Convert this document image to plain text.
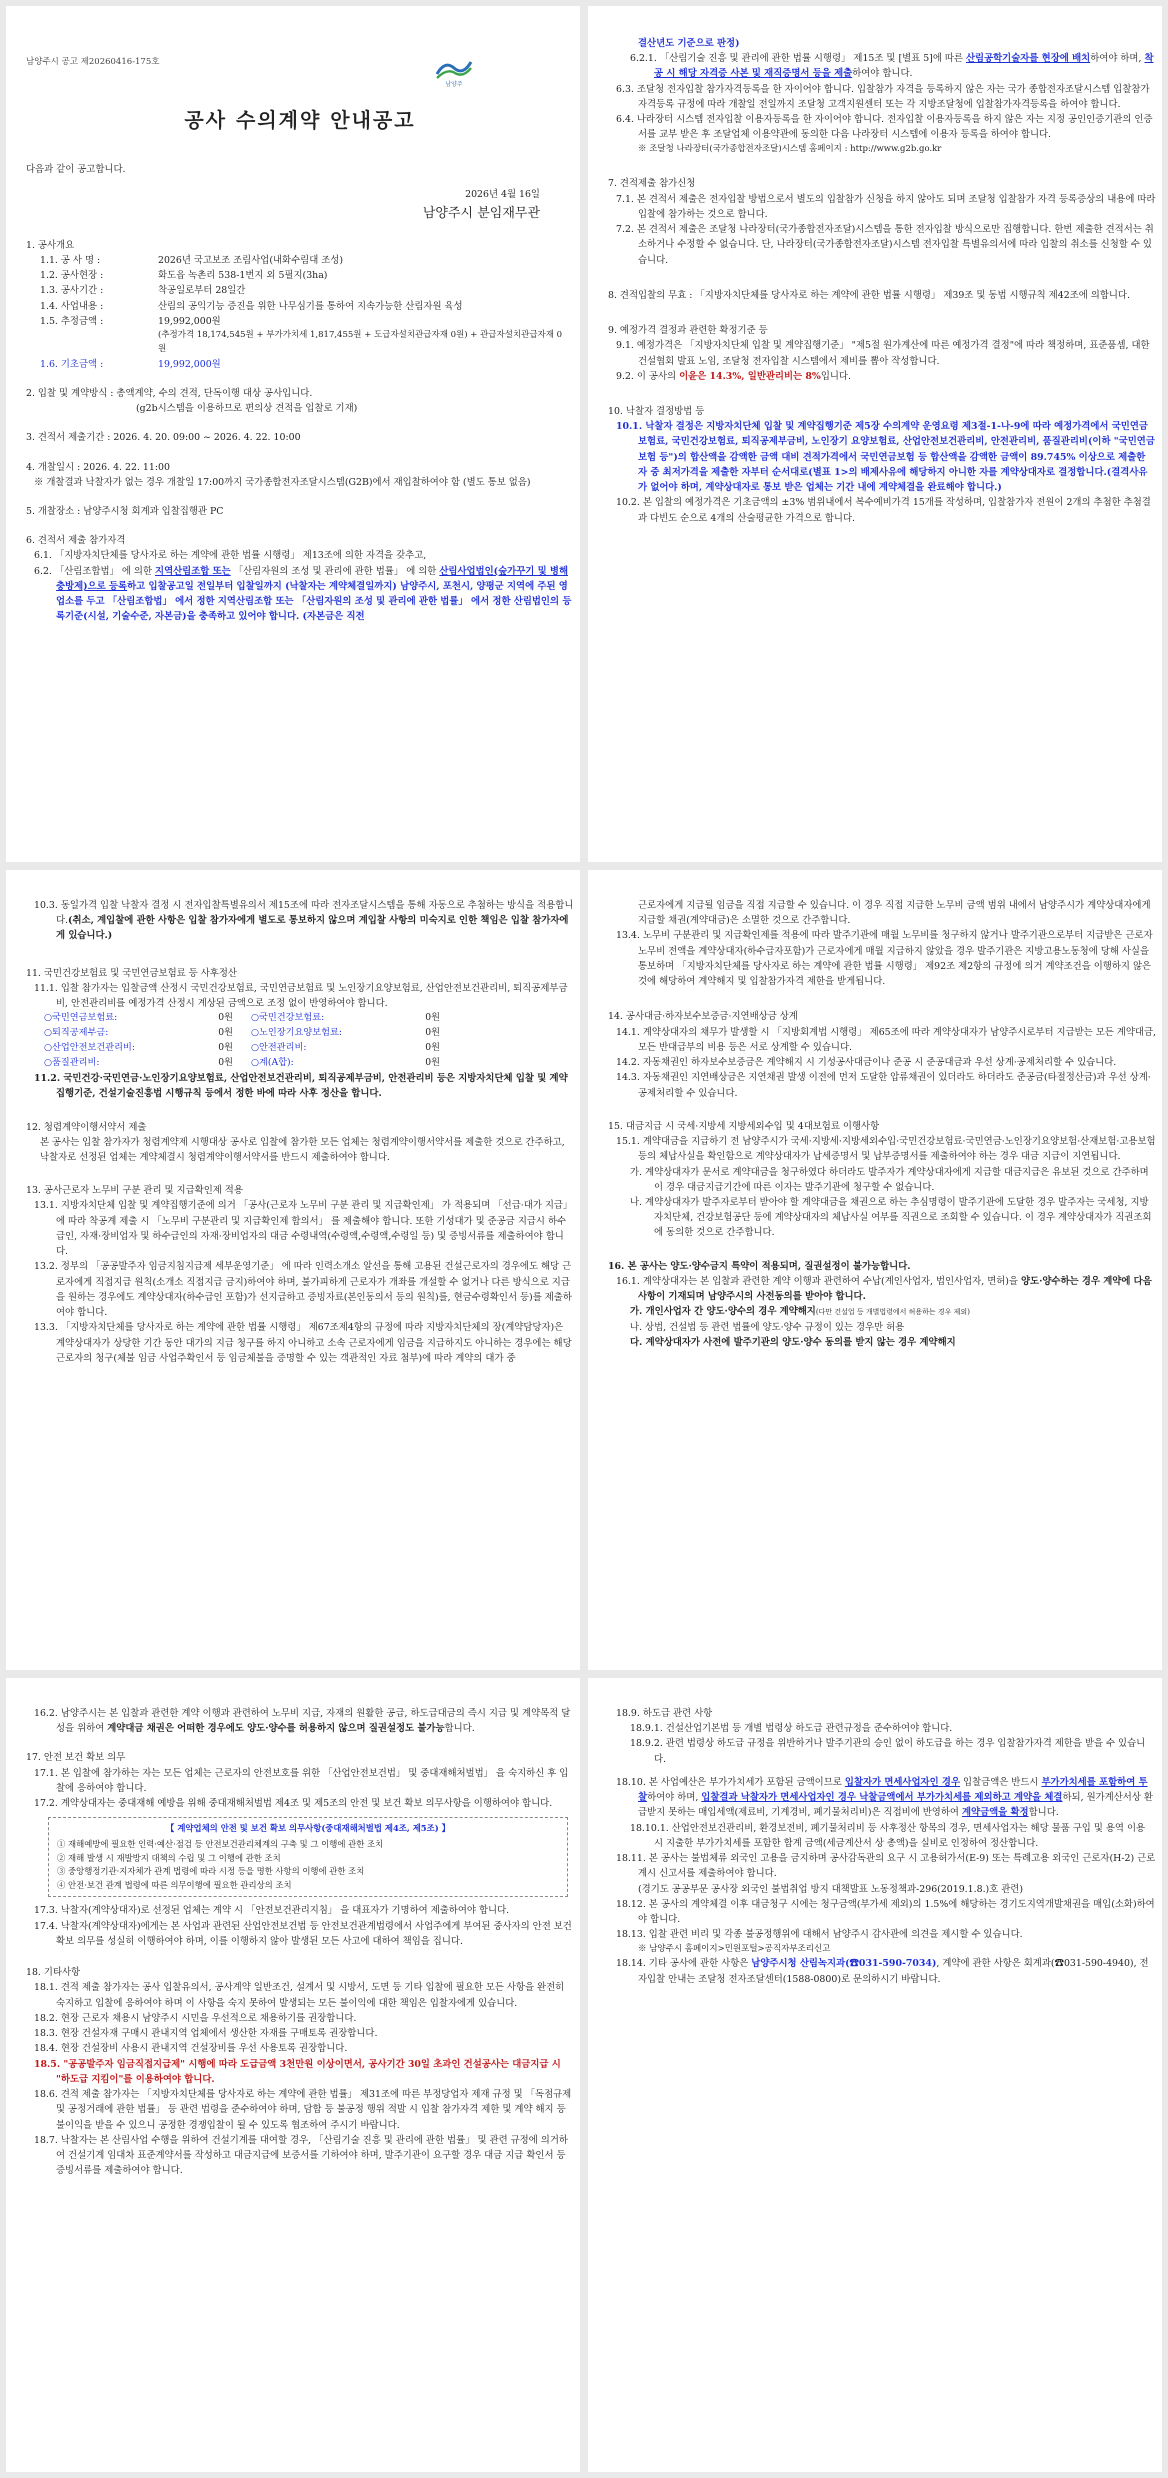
남양주시 공고 제20260416-175호
남양주
공사 수의계약 안내공고

다음과 같이 공고합니다.

2026년 4월 16일
남양주시 분임재무관

1. 공사개요

1.1. 공 사 명 :	2026년 국고보조 조림사업(내화수림대 조성)
1.2. 공사현장 :	화도읍 녹촌리 538-1번지 외 5필지(3ha)
1.3. 공사기간 :	착공일로부터 28일간
1.4. 사업내용 :	산림의 공익기능 증진을 위한 나무심기를 통하여 지속가능한 산림자원 육성
1.5. 추정금액 :	19,992,000원
	(추정가격 18,174,545원 + 부가가치세 1,817,455원 + 도급자설치관급자재 0원) + 관급자설치관급자재 0원
1.6. 기초금액 :	19,992,000원

2. 입찰 및 계약방식 : 총액계약, 수의 견적, 단독이행 대상 공사입니다.

(g2b시스템을 이용하므로 편의상 견적을 입찰로 기재)

3. 견적서 제출기간 : 2026. 4. 20. 09:00 ~ 2026. 4. 22. 10:00

4. 개찰일시 : 2026. 4. 22. 11:00

※ 개찰결과 낙찰자가 없는 경우 개찰일 17:00까지 국가종합전자조달시스템(G2B)에서 재입찰하여야 함 (별도 통보 없음)

5. 개찰장소 : 남양주시청 회계과 입찰집행관 PC

6. 견적서 제출 참가자격

6.1. 「지방자치단체를 당사자로 하는 계약에 관한 법률 시행령」 제13조에 의한 자격을 갖추고,

6.2. 「산림조합법」 에 의한 지역산림조합 또는 「산림자원의 조성 및 관리에 관한 법률」 에 의한 산림사업법인(숲가꾸기 및 병해충방제)으로 등록하고 입찰공고일 전일부터 입찰일까지 (낙찰자는 계약체결일까지) 남양주시, 포천시, 양평군 지역에 주된 영업소를 두고 「산림조합법」 에서 정한 지역산림조합 또는 「산림자원의 조성 및 관리에 관한 법률」 에서 정한 산림법인의 등록기준(시설, 기술수준, 자본금)을 충족하고 있어야 합니다. (자본금은 직전

결산년도 기준으로 판정)

6.2.1. 「산림기술 진흥 및 관리에 관한 법률 시행령」 제15조 및 [별표 5]에 따른 산림공학기술자를 현장에 배치하여야 하며, 착공 시 해당 자격증 사본 및 재직증명서 등을 제출하여야 합니다.

6.3. 조달청 전자입찰 참가자격등록을 한 자이어야 합니다. 입찰참가 자격을 등록하지 않은 자는 국가 종합전자조달시스템 입찰참가 자격등록 규정에 따라 개찰일 전일까지 조달청 고객지원센터 또는 각 지방조달청에 입찰참가자격등록을 하여야 합니다.

6.4. 나라장터 시스템 전자입찰 이용자등록을 한 자이어야 합니다. 전자입찰 이용자등록을 하지 않은 자는 지정 공인인증기관의 인증서를 교부 받은 후 조달업체 이용약관에 동의한 다음 나라장터 시스템에 이용자 등록을 하여야 합니다.

※ 조달청 나라장터(국가종합전자조달)시스템 홈페이지 : http://www.g2b.go.kr

7. 견적제출 참가신청

7.1. 본 견적서 제출은 전자입찰 방법으로서 별도의 입찰참가 신청을 하지 않아도 되며 조달청 입찰참가 자격 등록증상의 내용에 따라 입찰에 참가하는 것으로 합니다.

7.2. 본 견적서 제출은 조달청 나라장터(국가종합전자조달)시스템을 통한 전자입찰 방식으로만 집행합니다. 한번 제출한 견적서는 취소하거나 수정할 수 없습니다. 단, 나라장터(국가종합전자조달)시스템 전자입찰 특별유의서에 따라 입찰의 취소를 신청할 수 있습니다.

8. 견적입찰의 무효 : 「지방자치단체를 당사자로 하는 계약에 관한 법률 시행령」 제39조 및 동법 시행규칙 제42조에 의합니다.

9. 예정가격 결정과 관련한 확정기준 등

9.1. 예정가격은 「지방자치단체 입찰 및 계약집행기준」 "제5절 원가계산에 따른 예정가격 결정"에 따라 책정하며, 표준품셈, 대한건설협회 발표 노임, 조달청 전자입찰 시스템에서 제비를 뽑아 작성합니다.

9.2. 이 공사의 이윤은 14.3%, 일반관리비는 8%입니다.

10. 낙찰자 결정방법 등

10.1. 낙찰자 결정은 지방자치단체 입찰 및 계약집행기준 제5장 수의계약 운영요령 제3절-1-나-9에 따라 예정가격에서 국민연금보험료, 국민건강보험료, 퇴직공제부금비, 노인장기 요양보험료, 산업안전보건관리비, 안전관리비, 품질관리비(이하 "국민연금보험 등")의 합산액을 감액한 금액 대비 견적가격에서 국민연금보험 등 합산액을 감액한 금액이 89.745% 이상으로 제출한 자 중 최저가격을 제출한 자부터 순서대로(별표 1>의 배제사유에 해당하지 아니한 자를 계약상대자로 결정합니다.(결격사유가 없어야 하며, 계약상대자로 통보 받은 업체는 기간 내에 계약체결을 완료해야 합니다.)

10.2. 본 입찰의 예정가격은 기초금액의 ±3% 범위내에서 복수예비가격 15개를 작성하며, 입찰참가자 전원이 2개의 추첨한 추첨결과 다빈도 순으로 4개의 산술평균한 가격으로 합니다.

10.3. 동일가격 입찰 낙찰자 결정 시 전자입찰특별유의서 제15조에 따라 전자조달시스템을 통해 자동으로 추첨하는 방식을 적용합니다.(취소, 계입찰에 관한 사항은 입찰 참가자에게 별도로 통보하지 않으며 계입찰 사항의 미숙지로 인한 책임은 입찰 참가자에게 있습니다.)

11. 국민건강보험료 및 국민연금보험료 등 사후정산

11.1. 입찰 참가자는 입찰금액 산정시 국민건강보험료, 국민연금보험료 및 노인장기요양보험료, 산업안전보건관리비, 퇴직공제부금비, 안전관리비를 예정가격 산정시 계상된 금액으로 조정 없이 반영하여야 합니다.

○국민연금보험료:	0원	○국민건강보험료:	0원
○퇴직공제부금:	0원	○노인장기요양보험료:	0원
○산업안전보건관리비:	0원	○안전관리비:	0원
○품질관리비:	0원	○계(A합):	0원

11.2. 국민건강·국민연금·노인장기요양보험료, 산업안전보건관리비, 퇴직공제부금비, 안전관리비 등은 지방자치단체 입찰 및 계약 집행기준, 건설기술진흥법 시행규칙 등에서 정한 바에 따라 사후 정산을 합니다.

12. 청렴계약이행서약서 제출

본 공사는 입찰 참가자가 청렴계약제 시행대상 공사로 입찰에 참가한 모든 업체는 청렴계약이행서약서를 제출한 것으로 간주하고, 낙찰자로 선정된 업체는 계약체결시 청렴계약이행서약서를 반드시 제출하여야 합니다.

13. 공사근로자 노무비 구분 관리 및 지급확인제 적용

13.1. 지방자치단체 입찰 및 계약집행기준에 의거 「공사(근로자 노무비 구분 관리 및 지급확인제」 가 적용되며 「선급·대가 지급」 에 따라 착공계 제출 시 「노무비 구분관리 및 지급확인제 합의서」 를 제출해야 합니다. 또한 기성대가 및 준공금 지급시 하수급인, 자재·장비업자 및 하수급인의 자재·장비업자의 대금 수령내역(수령액,수령액,수령일 등) 및 증빙서류를 제출하여야 합니다.

13.2. 정부의 「공공발주자 임금지침지급제 세부운영기준」 에 따라 인력소개소 알선을 통해 고용된 건설근로자의 경우에도 해당 근로자에게 직접지급 원칙(소개소 직접지급 금지)하여야 하며, 불가피하게 근로자가 개좌를 개설할 수 없거나 다른 방식으로 지급을 원하는 경우에도 계약상대자(하수급인 포함)가 선지급하고 증빙자료(본인동의서 등의 원칙)를, 현금수령확인서 등)를 제출하여야 합니다.

13.3. 「지방자치단체를 당사자로 하는 계약에 관한 법률 시행령」 제67조제4항의 규정에 따라 지방자치단체의 장(계약담당자)은 계약상대자가 상당한 기간 동안 대가의 지급 청구를 하지 아니하고 소속 근로자에게 임금을 지급하지도 아니하는 경우에는 해당 근로자의 청구(체불 임금 사업주확인서 등 임금체불을 증명할 수 있는 객관적인 자료 첨부)에 따라 계약의 대가 중

근로자에게 지급될 임금을 직접 지급할 수 있습니다. 이 경우 직접 지급한 노무비 금액 범위 내에서 남양주시가 계약상대자에게 지급할 채권(계약대금)은 소멸한 것으로 간주합니다.

13.4. 노무비 구분관리 및 지급확인제를 적용에 따라 발주기관에 매월 노무비를 청구하지 않거나 발주기관으로부터 지급받은 근로자 노무비 전액을 계약상대자(하수급자포함)가 근로자에게 매월 지급하지 않았을 경우 발주기관은 지방고용노동청에 당해 사실을 통보하며 「지방자치단체를 당사자로 하는 계약에 관한 법률 시행령」 제92조 제2항의 규정에 의거 계약조건을 이행하지 않은 것에 해당하여 계약해지 및 입찰참가자격 제한을 받게됩니다.

14. 공사대금·하자보수보증금·지연배상금 상계

14.1. 계약상대자의 채무가 발생할 시 「지방회계법 시행령」 제65조에 따라 계약상대자가 남양주시로부터 지급받는 모든 계약대금, 모든 반대급부의 비용 등은 서로 상계할 수 있습니다.

14.2. 자동채권인 하자보수보증금은 계약해지 시 기성공사대금이나 준공 시 준공대금과 우선 상계·공제처리할 수 있습니다.

14.3. 자동채권인 지연배상금은 지연채권 발생 이전에 먼저 도달한 압류채권이 있더라도 하더라도 준공금(타절정산금)과 우선 상계·공제처리할 수 있습니다.

15. 대금지급 시 국세·지방세 지방세외수입 및 4대보험료 이행사항

15.1. 계약대금을 지급하기 전 남양주시가 국세·지방세·지방세외수입·국민건강보험료·국민연금·노인장기요양보험·산재보험·고용보험 등의 체납사실을 확인함으로 계약상대자가 납세증명서 및 납부증명서를 제출하여야 하는 경우 대금 지급이 지연됩니다.

가. 계약상대자가 문서로 계약대금을 청구하였다 하더라도 발주자가 계약상대자에게 지급할 대금지급은 유보된 것으로 간주하며 이 경우 대금지급기간에 따른 이자는 발주기관에 청구할 수 없습니다.

나. 계약상대자가 발주자로부터 받아야 할 계약대금을 채권으로 하는 추심명령이 발주기관에 도달한 경우 발주자는 국세청, 지방자치단체, 건강보험공단 등에 계약상대자의 체납사실 여부를 직권으로 조회할 수 있습니다. 이 경우 계약상대자가 직권조회에 동의한 것으로 간주합니다.

16. 본 공사는 양도·양수금지 특약이 적용되며, 질권설정이 불가능합니다.

16.1. 계약상대자는 본 입찰과 관련한 계약 이행과 관련하여 수납(계인사업자, 법인사업자, 면허)을 양도·양수하는 경우 계약에 다음 사항이 기재되며 남양주시의 사전동의를 받아야 합니다.

가. 개인사업자 간 양도·양수의 경우 계약해지(다만 건설업 등 개별법령에서 허용하는 경우 제외)

나. 상법, 건설법 등 관련 법률에 양도·양수 규정이 있는 경우만 허용

다. 계약상대자가 사전에 발주기관의 양도·양수 동의를 받지 않는 경우 계약해지

16.2. 남양주시는 본 입찰과 관련한 계약 이행과 관련하여 노무비 지급, 자재의 원활한 공급, 하도급대금의 즉시 지급 및 계약목적 달성을 위하여 계약대금 채권은 어떠한 경우에도 양도·양수를 허용하지 않으며 질권설정도 불가능합니다.

17. 안전 보건 확보 의무

17.1. 본 입찰에 참가하는 자는 모든 업체는 근로자의 안전보호를 위한 「산업안전보건법」 및 중대재해처벌법」 을 숙지하신 후 입찰에 응하여야 합니다.

17.2. 계약상대자는 중대재해 예방을 위해 중대재해처벌법 제4조 및 제5조의 안전 및 보건 확보 의무사항을 이행하여야 합니다.

【 계약업체의 안전 및 보건 확보 의무사항(중대재해처벌법 제4조, 제5조) 】
① 재해예방에 필요한 인력·예산·점검 등 안전보건관리체계의 구축 및 그 이행에 관한 조치
② 재해 발생 시 재발방지 대책의 수립 및 그 이행에 관한 조치
③ 중앙행정기관·지자체가 관계 법령에 따라 시정 등을 명한 사항의 이행에 관한 조치
④ 안전·보건 관계 법령에 따른 의무이행에 필요한 관리상의 조치

17.3. 낙찰자(계약상대자)로 선정된 업체는 계약 시 「안전보건관리지침」 을 대표자가 기명하여 제출하여야 합니다.

17.4. 낙찰자(계약상대자)에게는 본 사업과 관련된 산업안전보건법 등 안전보건관계법령에서 사업주에게 부여된 중사자의 안전 보건 확보 의무를 성실히 이행하여야 하며, 이를 이행하지 않아 발생된 모든 사고에 대하여 책임을 집니다.

18. 기타사항

18.1. 견적 제출 참가자는 공사 입찰유의서, 공사계약 일반조건, 설계서 및 시방서, 도면 등 기타 입찰에 필요한 모든 사항을 완전히 숙지하고 입찰에 응하여야 하며 이 사항을 숙지 못하여 발생되는 모든 불이익에 대한 책임은 입찰자에게 있습니다.

18.2. 현장 근로자 채용시 남양주시 시민을 우선적으로 채용하기를 권장합니다.

18.3. 현장 건설자재 구매시 관내지역 업체에서 생산한 자재를 구매토록 권장합니다.

18.4. 현장 건설장비 사용시 관내지역 건설장비를 우선 사용토록 권장합니다.

18.5. "공공발주자 임금직접지급제" 시행에 따라 도급금액 3천만원 이상이면서, 공사기간 30일 초과인 건설공사는 대금지급 시 "하도급 지킴이"를 이용하여야 합니다.

18.6. 견적 제출 참가자는 「지방자치단체를 당사자로 하는 계약에 관한 법률」 제31조에 따른 부정당업자 제재 규정 및 「독점규제 및 공정거래에 관한 법률」 등 관련 법령을 준수하여야 하며, 담합 등 불공정 행위 적발 시 입찰 참가자격 제한 및 계약 해지 등 불이익을 받을 수 있으니 공정한 경쟁입찰이 될 수 있도록 협조하여 주시기 바랍니다.

18.7. 낙찰자는 본 산림사업 수행을 위하여 건설기계를 대여할 경우, 「산림기술 진흥 및 관리에 관한 법률」 및 관련 규정에 의거하여 건설기계 임대차 표준계약서를 작성하고 대금지급에 보증서를 기하여야 하며, 발주기관이 요구할 경우 대금 지급 확인서 등 증빙서류를 제출하여야 합니다.

18.9. 하도급 관련 사항

18.9.1. 건설산업기본법 등 개별 법령상 하도급 관련규정을 준수하여야 합니다.

18.9.2. 관련 법령상 하도급 규정을 위반하거나 발주기관의 승인 없이 하도급을 하는 경우 입찰참가자격 제한을 받을 수 있습니다.

18.10. 본 사업예산은 부가가치세가 포함된 금액이므로 입찰자가 면세사업자인 경우 입찰금액은 반드시 부가가치세를 포함하여 투찰하여야 하며, 입찰결과 낙찰자가 면세사업자인 경우 낙찰금액에서 부가가치세를 제외하고 계약을 체결하되, 원가계산서상 환급받지 못하는 매입세액(제료비, 기계경비, 폐기물처리비)은 직접비에 반영하여 계약금액을 확정합니다.

18.10.1. 산업안전보건관리비, 환경보전비, 폐기물처리비 등 사후정산 항목의 경우, 면세사업자는 해당 물품 구입 및 용역 이용 시 지출한 부가가치세를 포함한 합계 금액(세금계산서 상 총액)을 실비로 인정하여 정산합니다.

18.11. 본 공사는 불법체류 외국인 고용을 금지하며 공사감독관의 요구 시 고용허가서(E-9) 또는 특례고용 외국인 근로자(H-2) 근로계시 신고서를 제출하여야 합니다.

(경기도 공공부문 공사장 외국인 불법취업 방지 대책발표 노동정책과-296(2019.1.8.)호 관련)

18.12. 본 공사의 계약체결 이후 대금청구 시에는 청구금액(부가세 제외)의 1.5%에 해당하는 경기도지역개발채권을 매입(소화)하여야 합니다.

18.13. 입찰 관련 비리 및 각종 불공정행위에 대해서 남양주시 감사관에 의견을 제시할 수 있습니다.

※ 남양주시 홈페이지>민원포털>공직자부조리신고

18.14. 기타 공사에 관한 사항은 남양주시청 산림녹지과(☎031-590-7034), 계약에 관한 사항은 회계과(☎031-590-4940), 전자입찰 안내는 조달청 전자조달센터(1588-0800)로 문의하시기 바랍니다.
